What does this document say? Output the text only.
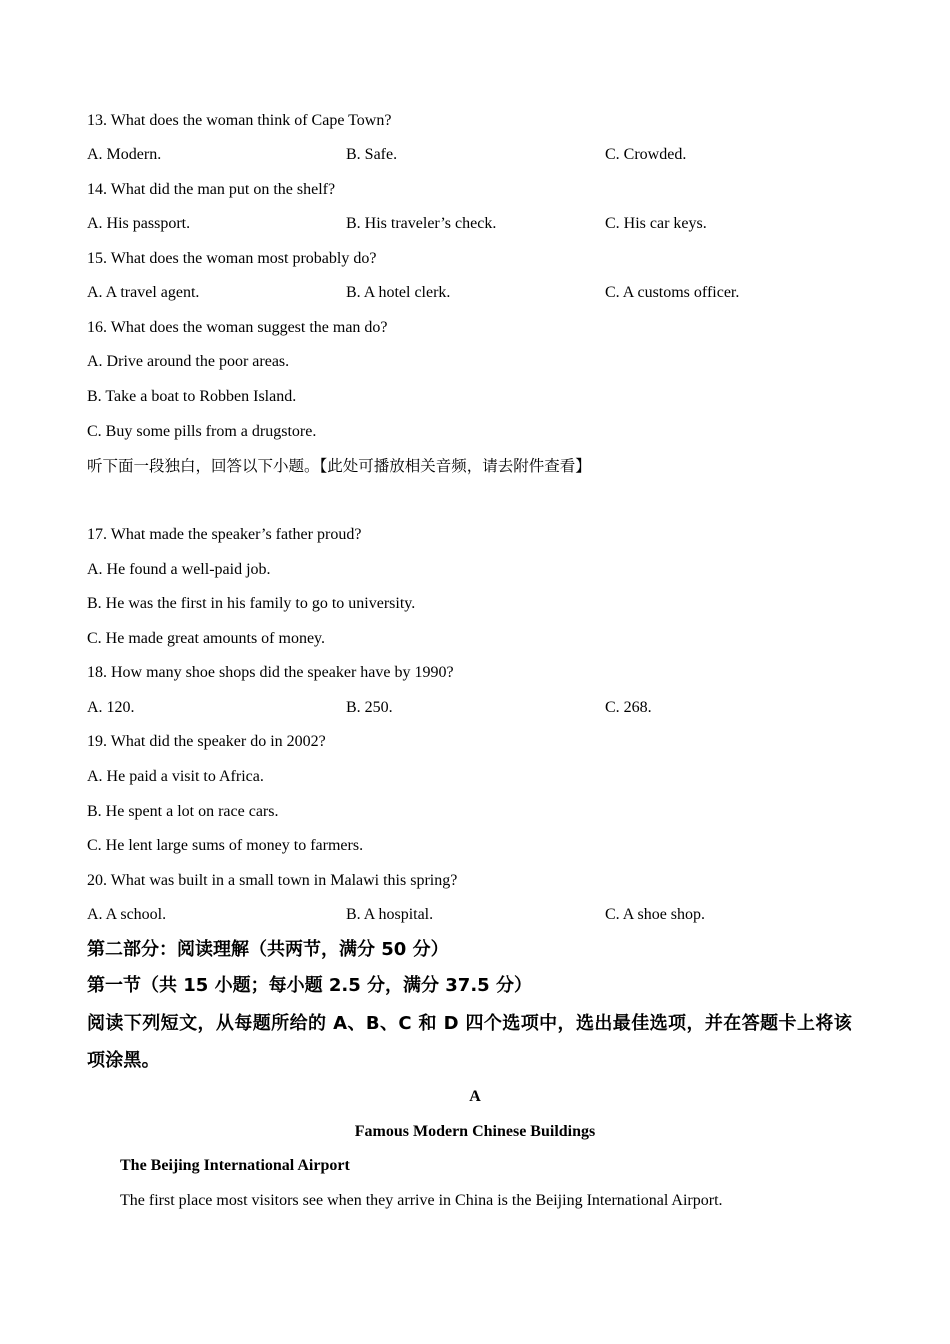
13. What does the woman think of Cape Town?
A. Modern.	B. Safe.	C. Crowded.
14. What did the man put on the shelf?
A. His passport.	B. His traveler’s check.	C. His car keys.
15. What does the woman most probably do?
A. A travel agent.	B. A hotel clerk.	C. A customs officer.
16. What does the woman suggest the man do?
A. Drive around the poor areas.
B. Take a boat to Robben Island.
C. Buy some pills from a drugstore.
听下面一段独白，回答以下小题。【此处可播放相关音频，请去附件查看】
17. What made the speaker’s father proud?
A. He found a well-paid job.
B. He was the first in his family to go to university.
C. He made great amounts of money.
18. How many shoe shops did the speaker have by 1990?
A. 120.	B. 250.	C. 268.
19. What did the speaker do in 2002?
A. He paid a visit to Africa.
B. He spent a lot on race cars.
C. He lent large sums of money to farmers.
20. What was built in a small town in Malawi this spring?
A. A school.	B. A hospital.	C. A shoe shop.
第二部分：阅读理解（共两节，满分 50 分）
第一节（共 15 小题；每小题 2.5 分，满分 37.5 分）
阅读下列短文，从每题所给的 A、B、C 和 D 四个选项中，选出最佳选项，并在答题卡上将该项涂黑。
A
Famous Modern Chinese Buildings
The Beijing International Airport
The first place most visitors see when they arrive in China is the Beijing International Airport.
